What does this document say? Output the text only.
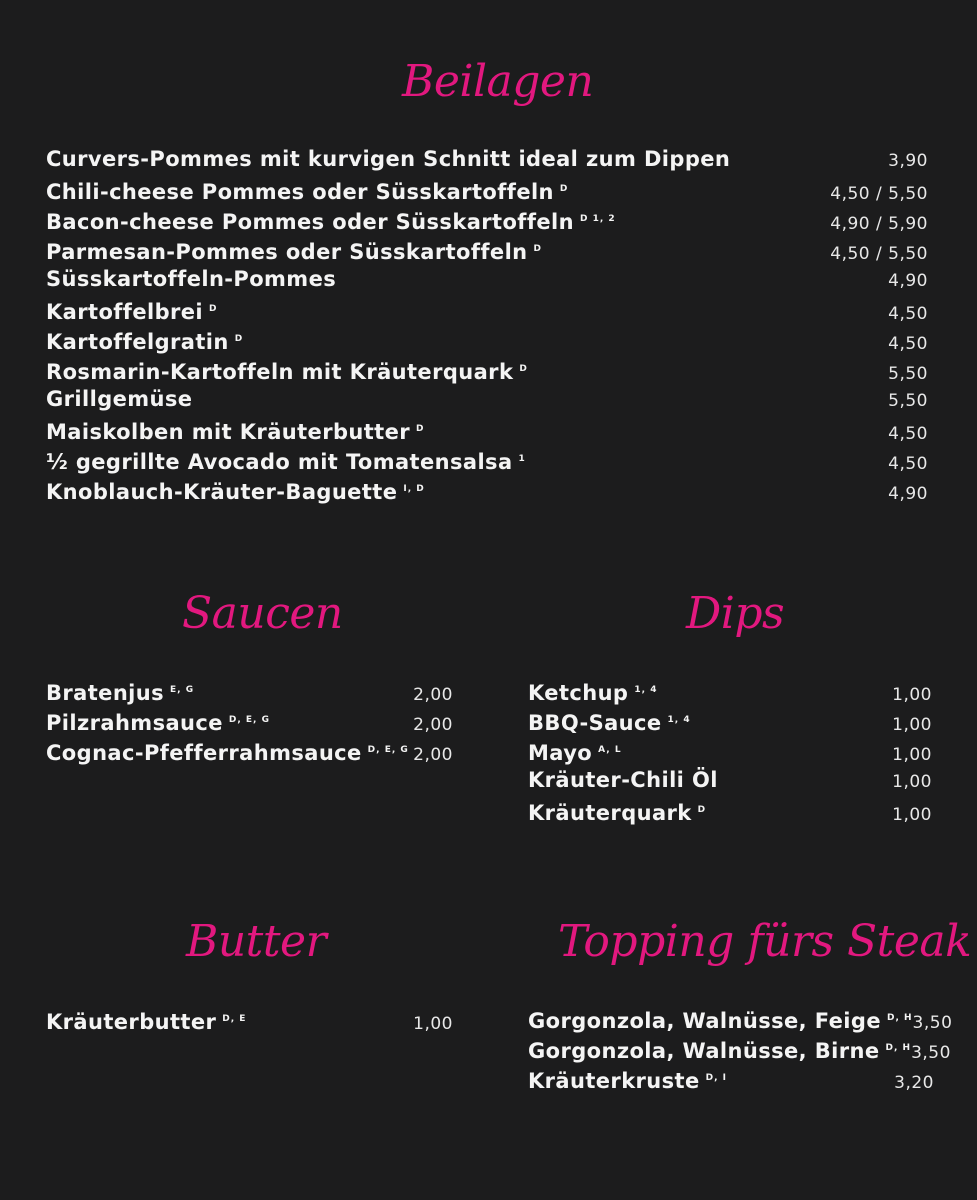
Beilagen
Curvers-Pommes mit kurvigen Schnitt ideal zum Dippen	3,90
Chili-cheese Pommes oder Süsskartoffeln $^D$	4,50 / 5,50
Bacon-cheese Pommes oder Süsskartoffeln $^{D 1, 2}$	4,90 / 5,90
Parmesan-Pommes oder Süsskartoffeln $^D$	4,50 / 5,50
Süsskartoffeln-Pommes	4,90
Kartoffelbrei $^D$	4,50
Kartoffelgratin $^D$	4,50
Rosmarin-Kartoffeln mit Kräuterquark $^D$	5,50
Grillgemüse	5,50
Maiskolben mit Kräuterbutter $^D$	4,50
½ gegrillte Avocado mit Tomatensalsa $^1$	4,50
Knoblauch-Kräuter-Baguette $^{I, D}$	4,90
Saucen
Bratenjus $^{E, G}$	2,00
Pilzrahmsauce $^{D, E, G}$	2,00
Cognac-Pfefferrahmsauce $^{D, E, G}$ 2,00
Dips
Ketchup $^{1, 4}$	1,00
BBQ-Sauce $^{1, 4}$	1,00
Mayo $^{A, L}$	1,00
Kräuter-Chili Öl	1,00
Kräuterquark $^D$	1,00
Butter
Kräuterbutter $^{D, E}$	1,00
Topping fürs Steak
Gorgonzola, Walnüsse, Feige $^{D, H}$ 3,50
Gorgonzola, Walnüsse, Birne $^{D, H}$ 3,50
Kräuterkruste $^{D, I}$	3,20
